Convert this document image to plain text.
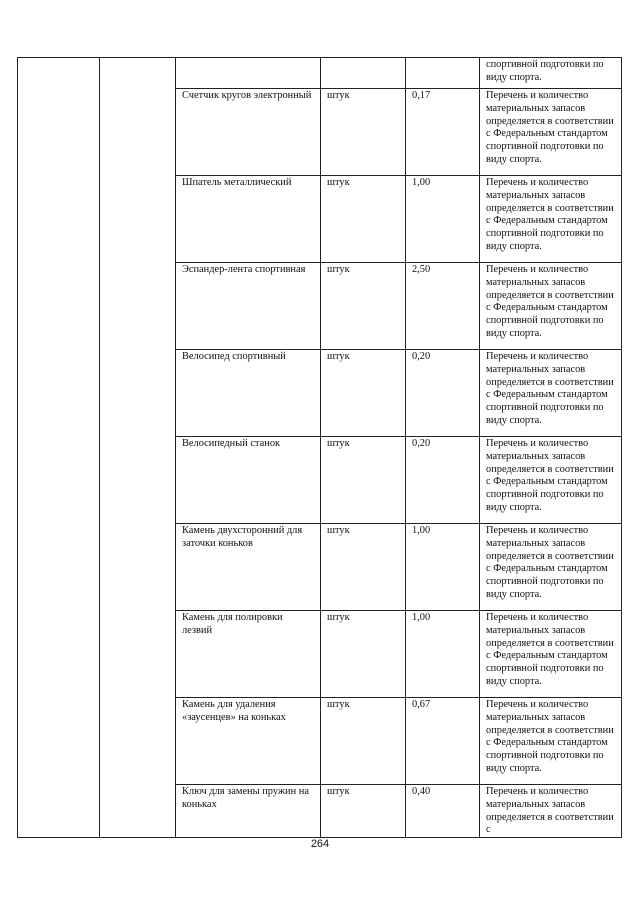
					спортивной подготовки по виду спорта.
		Счетчик кругов электронный	штук	0,17	Перечень и количество материальных запасов определяется в соответствии с Федеральным стандартом спортивной подготовки по виду спорта.
		Шпатель металлический	штук	1,00	Перечень и количество материальных запасов определяется в соответствии с Федеральным стандартом спортивной подготовки по виду спорта.
		Эспандер-лента спортивная	штук	2,50	Перечень и количество материальных запасов определяется в соответствии с Федеральным стандартом спортивной подготовки по виду спорта.
		Велосипед спортивный	штук	0,20	Перечень и количество материальных запасов определяется в соответствии с Федеральным стандартом спортивной подготовки по виду спорта.
		Велосипедный станок	штук	0,20	Перечень и количество материальных запасов определяется в соответствии с Федеральным стандартом спортивной подготовки по виду спорта.
		Камень двухсторонний для заточки коньков	штук	1,00	Перечень и количество материальных запасов определяется в соответствии с Федеральным стандартом спортивной подготовки по виду спорта.
		Камень для полировки лезвий	штук	1,00	Перечень и количество материальных запасов определяется в соответствии с Федеральным стандартом спортивной подготовки по виду спорта.
		Камень для удаления «заусенцев» на коньках	штук	0,67	Перечень и количество материальных запасов определяется в соответствии с Федеральным стандартом спортивной подготовки по виду спорта.
		Ключ для замены пружин на коньках	штук	0,40	Перечень и количество материальных запасов определяется в соответствии с
264
